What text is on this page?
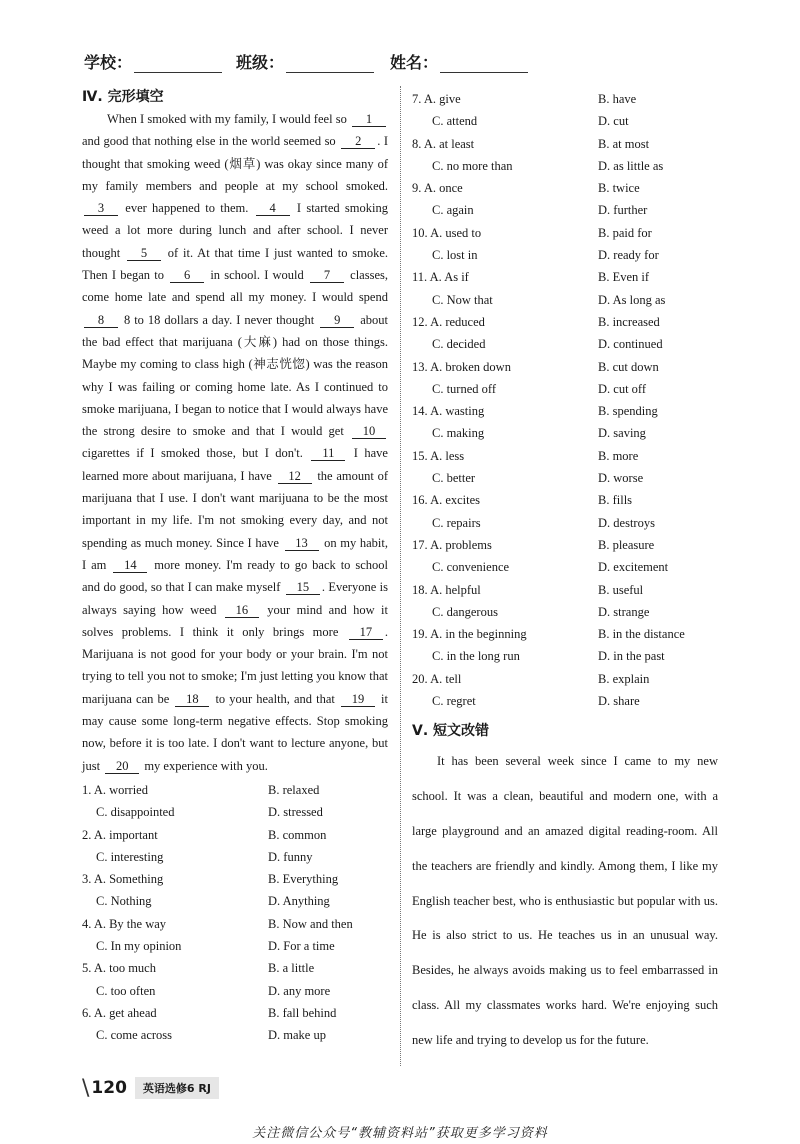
学校：	班级：	姓名：
Ⅳ. 完形填空

When I smoked with my family, I would feel so 1 and good that nothing else in the world seemed so 2 . I thought that smoking weed (烟草) was okay since many of my family members and people at my school smoked. 3 ever happened to them. 4 I started smoking weed a lot more during lunch and after school. I never thought 5 of it. At that time I just wanted to smoke. Then I began to 6 in school. I would 7 classes, come home late and spend all my money. I would spend 8 8 to 18 dollars a day. I never thought 9 about the bad effect that marijuana (大麻) had on those things. Maybe my coming to class high (神志恍惚) was the reason why I was failing or coming home late. As I continued to smoke marijuana, I began to notice that I would always have the strong desire to smoke and that I would get 10 cigarettes if I smoked those, but I don't. 11 I have learned more about marijuana, I have 12 the amount of marijuana that I use. I don't want marijuana to be the most important in my life. I'm not smoking every day, and not spending as much money. Since I have 13 on my habit, I am 14 more money. I'm ready to go back to school and do good, so that I can make myself 15 . Everyone is always saying how weed 16 your mind and how it solves problems. I think it only brings more 17 . Marijuana is not good for your body or your brain. I'm not trying to tell you not to smoke; I'm just letting you know that marijuana can be 18 to your health, and that 19 it may cause some long-term negative effects. Stop smoking now, before it is too late. I don't want to lecture anyone, but just 20 my experience with you.

1. A. worried	B. relaxed
C. disappointed	D. stressed
2. A. important	B. common
C. interesting	D. funny
3. A. Something	B. Everything
C. Nothing	D. Anything
4. A. By the way	B. Now and then
C. In my opinion	D. For a time
5. A. too much	B. a little
C. too often	D. any more
6. A. get ahead	B. fall behind
C. come across	D. make up
7. A. give	B. have
C. attend	D. cut
8. A. at least	B. at most
C. no more than	D. as little as
9. A. once	B. twice
C. again	D. further
10. A. used to	B. paid for
C. lost in	D. ready for
11. A. As if	B. Even if
C. Now that	D. As long as
12. A. reduced	B. increased
C. decided	D. continued
13. A. broken down	B. cut down
C. turned off	D. cut off
14. A. wasting	B. spending
C. making	D. saving
15. A. less	B. more
C. better	D. worse
16. A. excites	B. fills
C. repairs	D. destroys
17. A. problems	B. pleasure
C. convenience	D. excitement
18. A. helpful	B. useful
C. dangerous	D. strange
19. A. in the beginning	B. in the distance
C. in the long run	D. in the past
20. A. tell	B. explain
C. regret	D. share
Ⅴ. 短文改错

It has been several week since I came to my new school. It was a clean, beautiful and modern one, with a large playground and an amazed digital reading-room. All the teachers are friendly and kindly. Among them, I like my English teacher best, who is enthusiastic but popular with us. He is also strict to us. He teaches us in an unusual way. Besides, he always avoids making us to feel embarrassed in class. All my classmates works hard. We're enjoying such new life and trying to develop us for the future.

\ 120	英语选修6 RJ
关注微信公众号“教辅资料站”获取更多学习资料
